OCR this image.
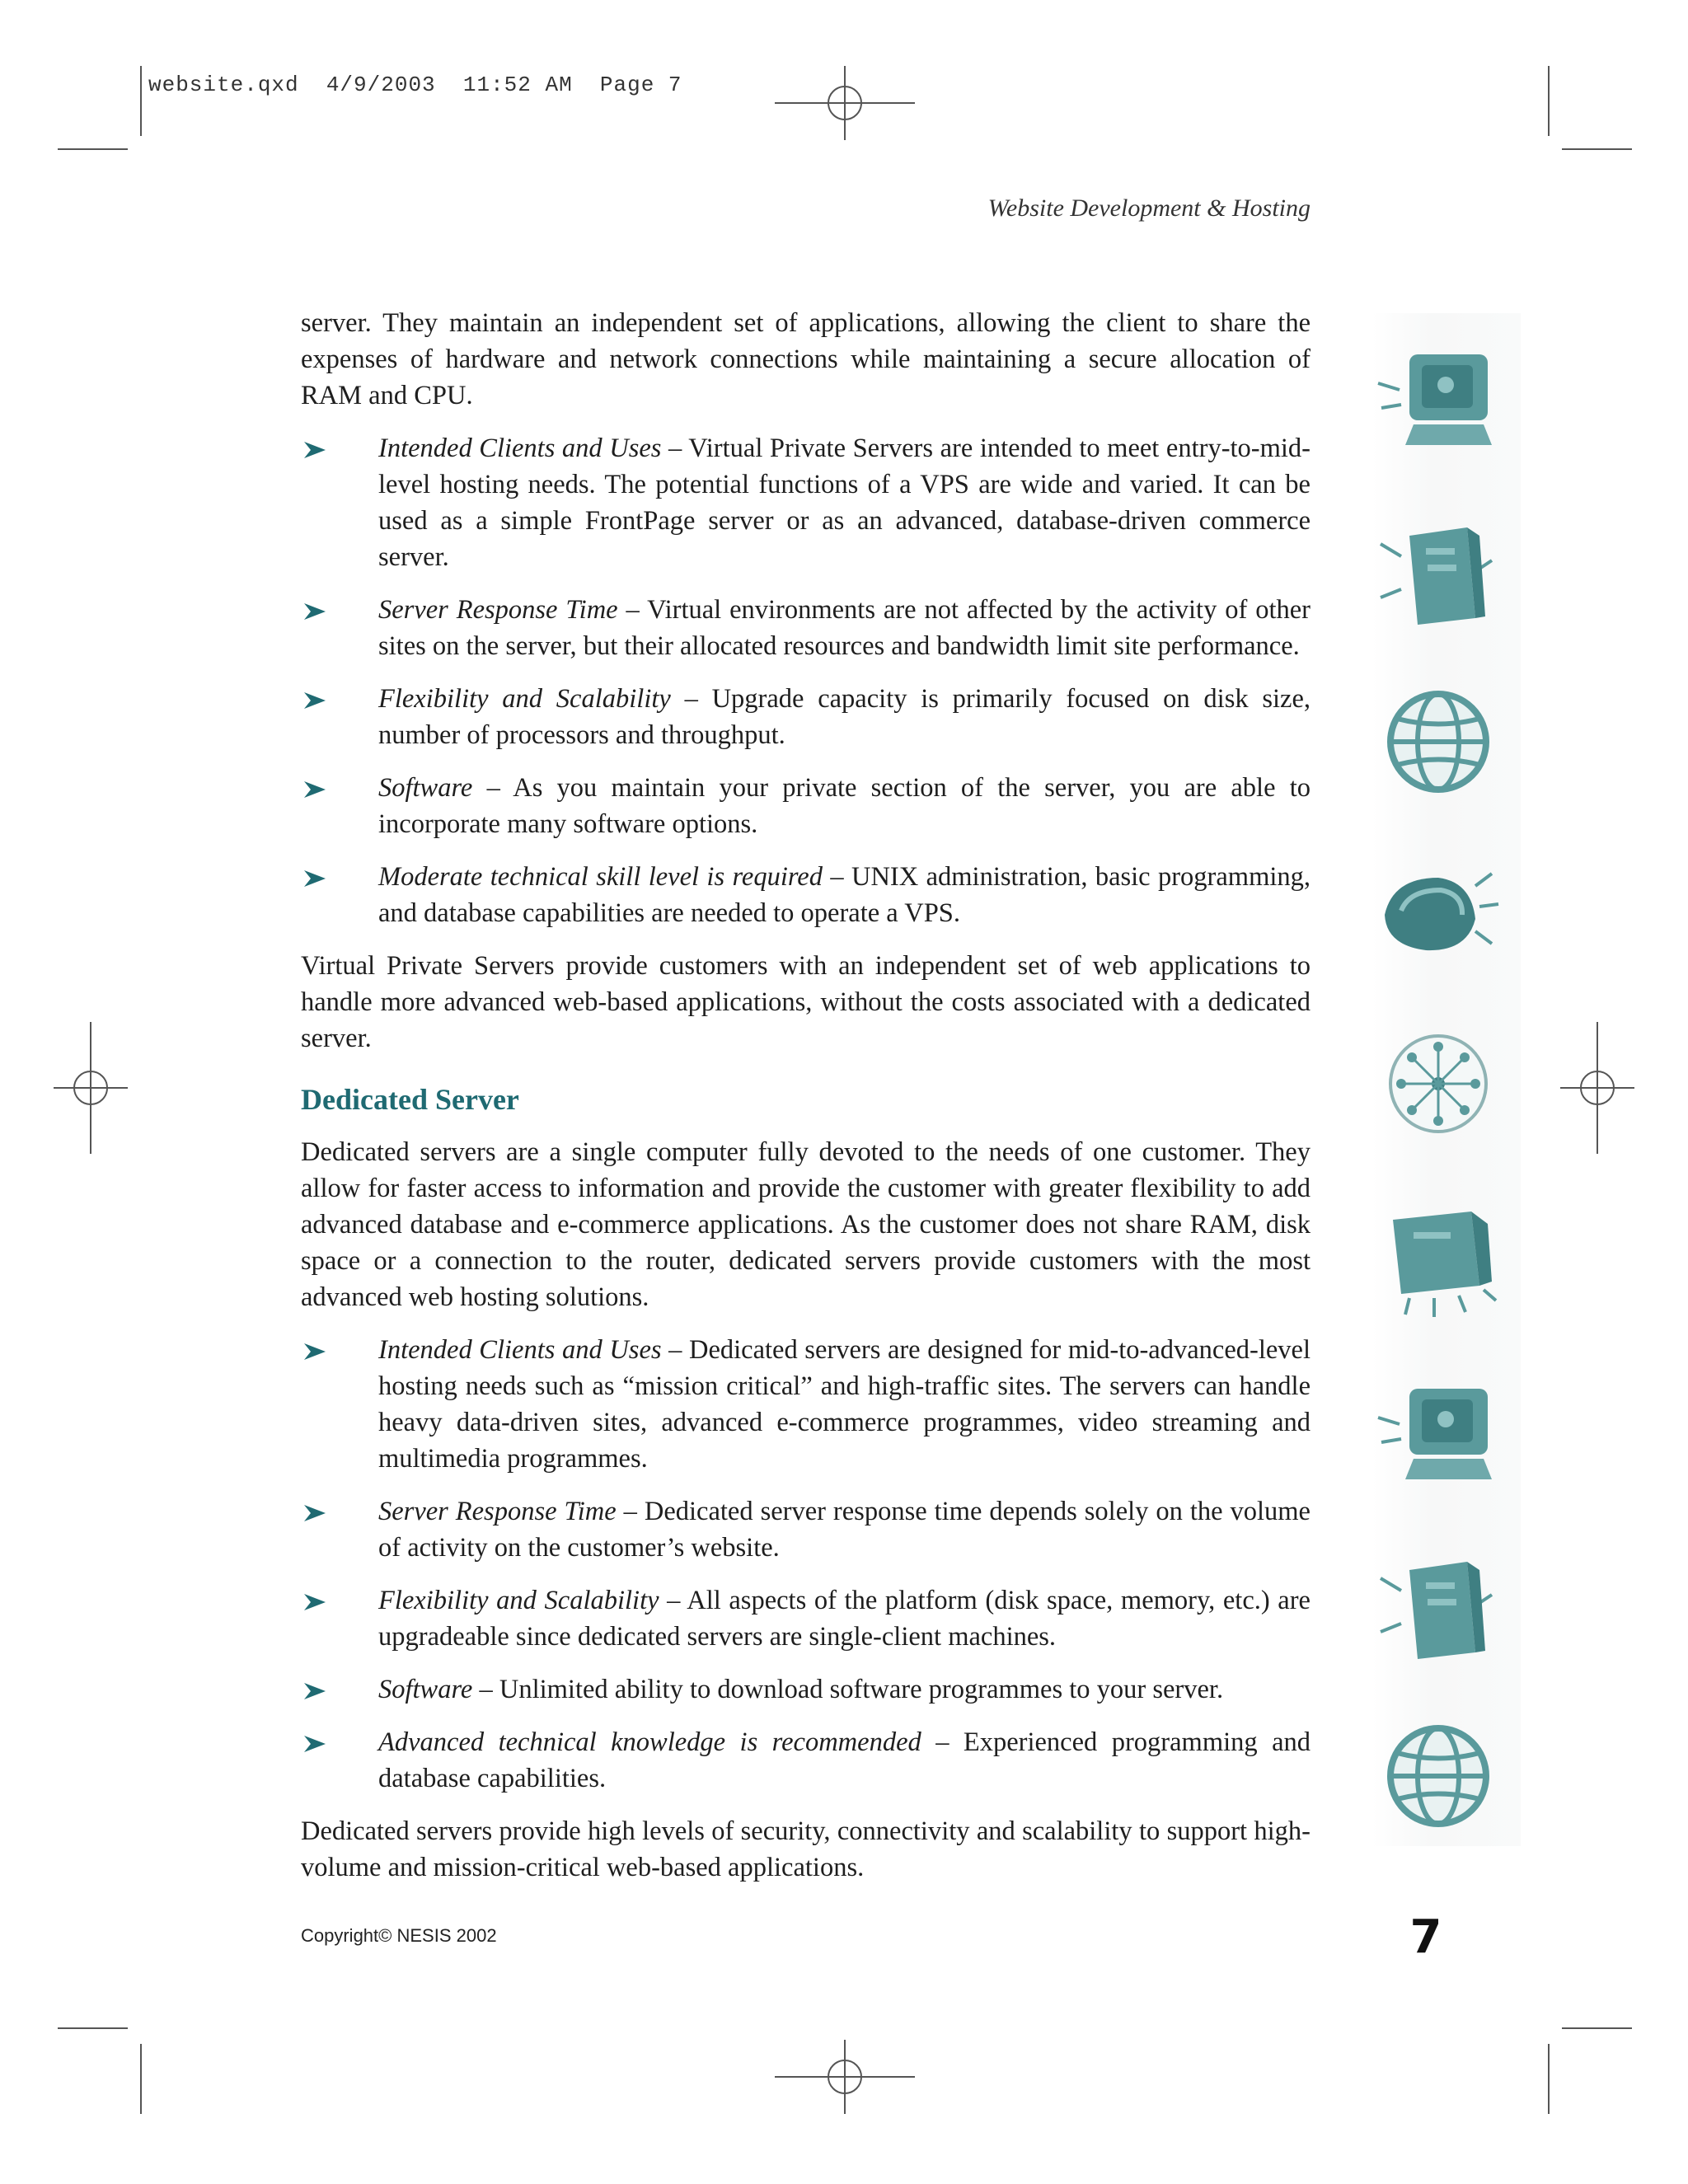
website.qxd  4/9/2003  11:52 AM  Page 7
Website Development & Hosting

server. They maintain an independent set of applications, allowing the client to share the expenses of hardware and network connections while maintaining a secure allocation of RAM and CPU.

Intended Clients and Uses – Virtual Private Servers are intended to meet entry-to-mid-level hosting needs. The potential functions of a VPS are wide and varied. It can be used as a simple FrontPage server or as an advanced, database-driven commerce server.
Server Response Time – Virtual environments are not affected by the activity of other sites on the server, but their allocated resources and bandwidth limit site performance.
Flexibility and Scalability – Upgrade capacity is primarily focused on disk size, number of processors and throughput.
Software – As you maintain your private section of the server, you are able to incorporate many software options.
Moderate technical skill level is required – UNIX administration, basic programming, and database capabilities are needed to operate a VPS.

Virtual Private Servers provide customers with an independent set of web applications to handle more advanced web-based applications, without the costs associated with a dedicated server.

Dedicated Server

Dedicated servers are a single computer fully devoted to the needs of one customer. They allow for faster access to information and provide the customer with greater flexibility to add advanced database and e-commerce applications. As the customer does not share RAM, disk space or a connection to the router, dedicated servers provide customers with the most advanced web hosting solutions.

Intended Clients and Uses – Dedicated servers are designed for mid-to-advanced-level hosting needs such as “mission critical” and high-traffic sites. The servers can handle heavy data-driven sites, advanced e-commerce programmes, video streaming and multimedia programmes.
Server Response Time – Dedicated server response time depends solely on the volume of activity on the customer’s website.
Flexibility and Scalability – All aspects of the platform (disk space, memory, etc.) are upgradeable since dedicated servers are single-client machines.
Software – Unlimited ability to download software programmes to your server.
Advanced technical knowledge is recommended – Experienced programming and database capabilities.

Dedicated servers provide high levels of security, connectivity and scalability to support high-volume and mission-critical web-based applications.

Copyright© NESIS 2002	7
